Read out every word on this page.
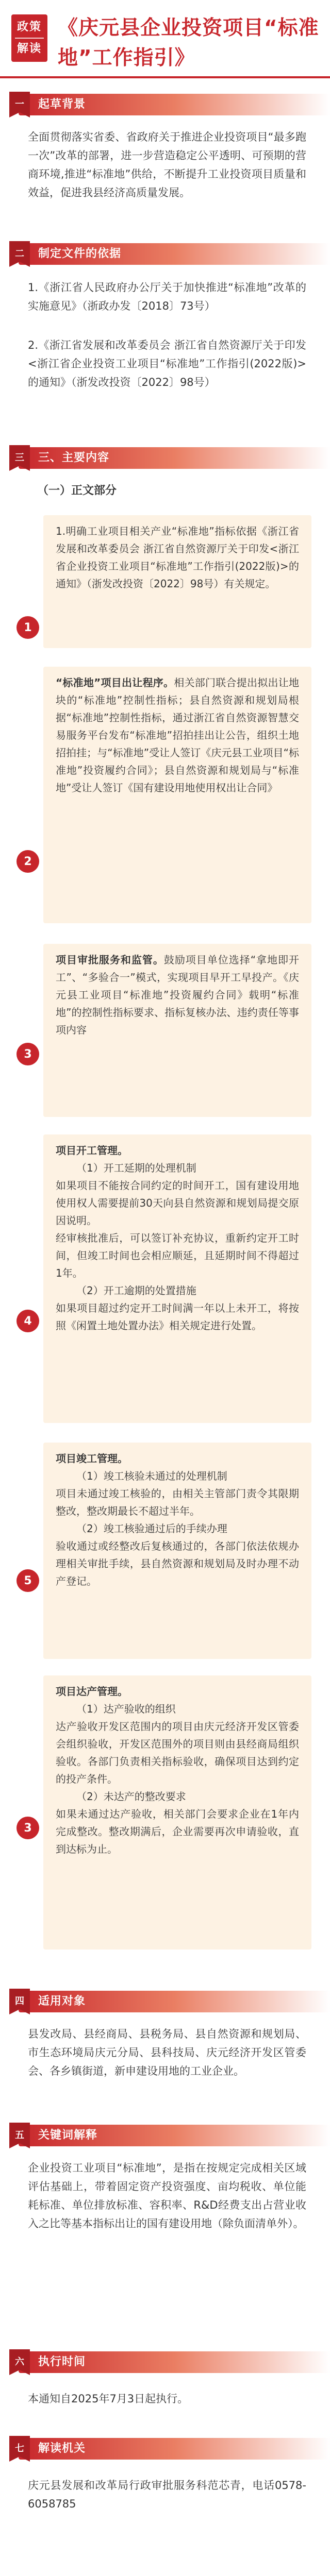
政策
解读
《庆元县企业投资项目“标准地”工作指引》
一 起草背景
全面贯彻落实省委、省政府关于推进企业投资项目“最多跑一次”改革的部署，进一步营造稳定公平透明、可预期的营商环境,推进“标准地”供给，不断提升工业投资项目质量和效益，促进我县经济高质量发展。
二 制定文件的依据
1.《浙江省人民政府办公厅关于加快推进“标准地”改革的实施意见》（浙政办发〔2018〕73号）
2.《浙江省发展和改革委员会 浙江省自然资源厅关于印发<浙江省企业投资工业项目“标准地”工作指引(2022版)>的通知》（浙发改投资〔2022〕98号）
三 三、主要内容
（一）正文部分
1
1.明确工业项目相关产业“标准地”指标依据《浙江省发展和改革委员会 浙江省自然资源厅关于印发<浙江省企业投资工业项目“标准地”工作指引(2022版)>的通知》（浙发改投资〔2022〕98号）有关规定。
2
“标准地”项目出让程序。相关部门联合提出拟出让地块的“标准地”控制性指标；县自然资源和规划局根据“标准地”控制性指标，通过浙江省自然资源智慧交易服务平台发布“标准地”招拍挂出让公告，组织土地招拍挂；与“标准地”受让人签订《庆元县工业项目“标准地”投资履约合同》；县自然资源和规划局与“标准地”受让人签订《国有建设用地使用权出让合同》
3
项目审批服务和监管。鼓励项目单位选择“拿地即开工”、“多验合一”模式，实现项目早开工早投产。《庆元县工业项目“标准地”投资履约合同》载明“标准地”的控制性指标要求、指标复核办法、违约责任等事项内容
4
项目开工管理。
（1）开工延期的处理机制
如果项目不能按合同约定的时间开工，国有建设用地使用权人需要提前30天向县自然资源和规划局提交原因说明。
经审核批准后，可以签订补充协议，重新约定开工时间，但竣工时间也会相应顺延，且延期时间不得超过1年。
（2）开工逾期的处置措施
如果项目超过约定开工时间满一年以上未开工，将按照《闲置土地处置办法》相关规定进行处置。
5
项目竣工管理。
（1）竣工核验未通过的处理机制
项目未通过竣工核验的，由相关主管部门责令其限期整改，整改期最长不超过半年。
（2）竣工核验通过后的手续办理
验收通过或经整改后复核通过的，各部门依法依规办理相关审批手续，县自然资源和规划局及时办理不动产登记。
3
项目达产管理。
（1）达产验收的组织
达产验收开发区范围内的项目由庆元经济开发区管委会组织验收，开发区范围外的项目则由县经商局组织验收。各部门负责相关指标验收，确保项目达到约定的投产条件。
（2）未达产的整改要求
如果未通过达产验收，相关部门会要求企业在1年内完成整改。整改期满后，企业需要再次申请验收，直到达标为止。
四 适用对象
县发改局、县经商局、县税务局、县自然资源和规划局、市生态环境局庆元分局、县科技局、庆元经济开发区管委会、各乡镇街道，新申建设用地的工业企业。
五 关键词解释
企业投资工业项目“标准地”，是指在按规定完成相关区域评估基础上，带着固定资产投资强度、亩均税收、单位能耗标准、单位排放标准、容积率、R&D经费支出占营业收入之比等基本指标出让的国有建设用地（除负面清单外）。
六 执行时间
本通知自2025年7月3日起执行。
七 解读机关
庆元县发展和改革局行政审批服务科范芯青，电话0578-6058785
